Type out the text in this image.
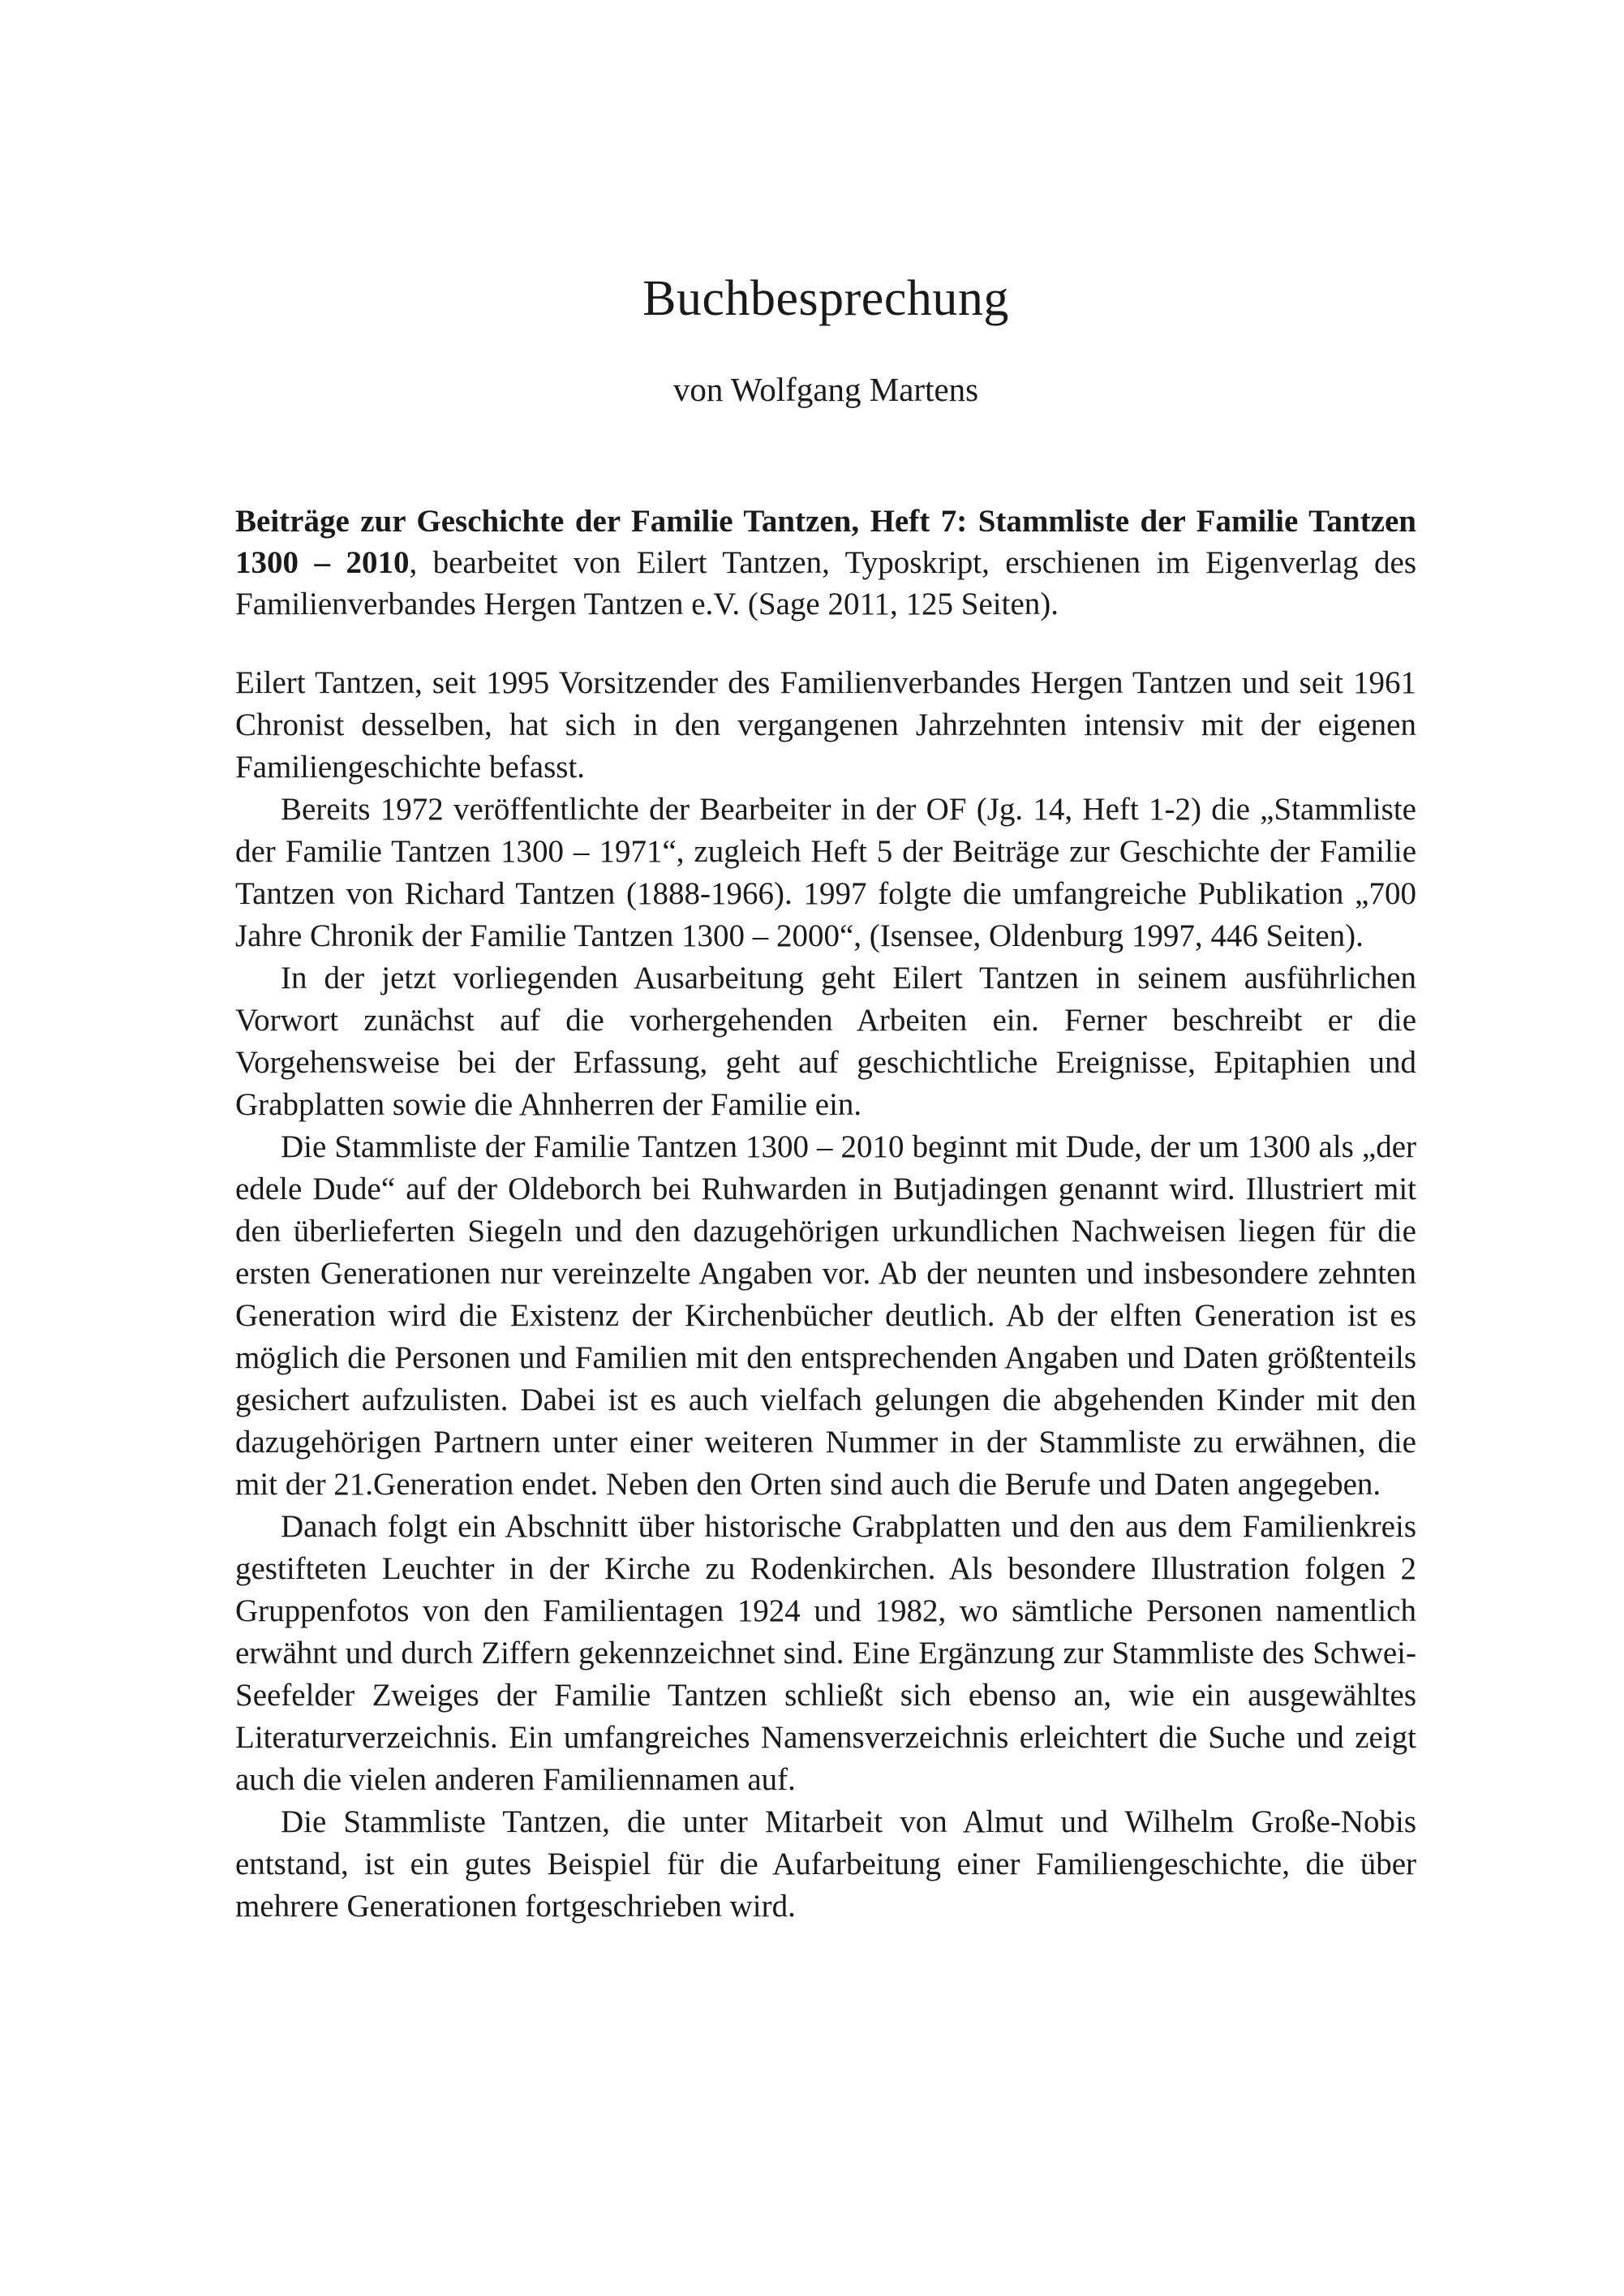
Buchbesprechung
von Wolfgang Martens
Beiträge zur Geschichte der Familie Tantzen, Heft 7: Stammliste der Familie Tantzen 1300 – 2010, bearbeitet von Eilert Tantzen, Typoskript, erschienen im Eigenverlag des Familienverbandes Hergen Tantzen e.V. (Sage 2011, 125 Seiten).

Eilert Tantzen, seit 1995 Vorsitzender des Familienverbandes Hergen Tantzen und seit 1961 Chronist desselben, hat sich in den vergangenen Jahrzehnten intensiv mit der eigenen Familiengeschichte befasst.

Bereits 1972 veröffentlichte der Bearbeiter in der OF (Jg. 14, Heft 1-2) die „Stammliste der Familie Tantzen 1300 – 1971“, zugleich Heft 5 der Beiträge zur Geschichte der Familie Tantzen von Richard Tantzen (1888-1966). 1997 folgte die umfangreiche Publikation „700 Jahre Chronik der Familie Tantzen 1300 – 2000“, (Isensee, Oldenburg 1997, 446 Seiten).

In der jetzt vorliegenden Ausarbeitung geht Eilert Tantzen in seinem ausführlichen Vorwort zunächst auf die vorhergehenden Arbeiten ein. Ferner beschreibt er die Vorgehensweise bei der Erfassung, geht auf geschichtliche Ereignisse, Epitaphien und Grabplatten sowie die Ahnherren der Familie ein.

Die Stammliste der Familie Tantzen 1300 – 2010 beginnt mit Dude, der um 1300 als „der edele Dude“ auf der Oldeborch bei Ruhwarden in Butjadingen genannt wird. Illustriert mit den überlieferten Siegeln und den dazugehörigen urkundlichen Nachweisen liegen für die ersten Generationen nur vereinzelte Angaben vor. Ab der neunten und insbesondere zehnten Generation wird die Existenz der Kirchenbücher deutlich. Ab der elften Generation ist es möglich die Personen und Familien mit den entsprechenden Angaben und Daten größtenteils gesichert aufzulisten. Dabei ist es auch vielfach gelungen die abgehenden Kinder mit den dazugehörigen Partnern unter einer weiteren Nummer in der Stammliste zu erwähnen, die mit der 21.Generation endet. Neben den Orten sind auch die Berufe und Daten angegeben.

Danach folgt ein Abschnitt über historische Grabplatten und den aus dem Familienkreis gestifteten Leuchter in der Kirche zu Rodenkirchen. Als besondere Illustration folgen 2 Gruppenfotos von den Familientagen 1924 und 1982, wo sämtliche Personen namentlich erwähnt und durch Ziffern gekennzeichnet sind. Eine Ergänzung zur Stammliste des Schwei-Seefelder Zweiges der Familie Tantzen schließt sich ebenso an, wie ein ausgewähltes Literaturverzeichnis. Ein umfangreiches Namensverzeichnis erleichtert die Suche und zeigt auch die vielen anderen Familiennamen auf.

Die Stammliste Tantzen, die unter Mitarbeit von Almut und Wilhelm Große-Nobis entstand, ist ein gutes Beispiel für die Aufarbeitung einer Familiengeschichte, die über mehrere Generationen fortgeschrieben wird.
